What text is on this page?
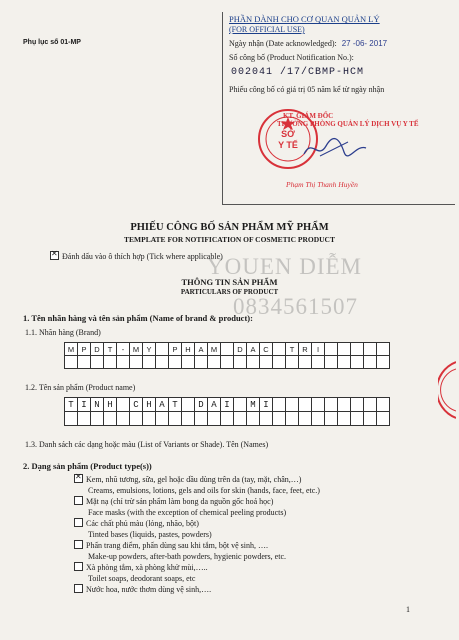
Phụ lục số 01-MP
PHẦN DÀNH CHO CƠ QUAN QUẢN LÝ
(FOR OFFICIAL USE)
Ngày nhận (Date acknowledged): 27 -06- 2017
Số công bố (Product Notification No.):
002041 /17/CBMP-HCM
Phiếu công bố có giá trị 05 năm kể từ ngày nhận
SỞ
Y TẾ
KT. GIÁM ĐỐC
TRƯỞNG PHÒNG QUẢN LÝ DỊCH VỤ Y TẾ
Phạm Thị Thanh Huyền
PHIẾU CÔNG BỐ SẢN PHẨM MỸ PHẨM
TEMPLATE FOR NOTIFICATION OF COSMETIC PRODUCT
✕Đánh dấu vào ô thích hợp (Tick where applicable)
YOUEN DIỄM
0834561507
THÔNG TIN SẢN PHẨM
PARTICULARS OF PRODUCT
1. Tên nhãn hàng và tên sản phẩm (Name of brand & product):
1.1. Nhãn hàng (Brand)
M P	D	T	-	M Y	P	H	A M	D	A	C	T	R	I
1.2. Tên sản phẩm (Product name)
T I N H	C H A T	D A I	M I
1.3. Danh sách các dạng hoặc màu (List of Variants or Shade). Tên (Names)
2. Dạng sản phẩm (Product type(s))
✕Kem, nhũ tương, sữa, gel hoặc dầu dùng trên da (tay, mặt, chân,…)
Creams, emulsions, lotions, gels and oils for skin (hands, face, feet, etc.)
Mặt nạ (chỉ trừ sản phẩm làm bong da nguồn gốc hoá học)
Face masks (with the exception of chemical peeling products)
Các chất phủ màu (lỏng, nhão, bột)
Tinted bases (liquids, pastes, powders)
Phấn trang điểm, phấn dùng sau khi tắm, bột vệ sinh, ….
Make-up powders, after-bath powders, hygienic powders, etc.
Xà phòng tắm, xà phòng khử mùi,…..
Toilet soaps, deodorant soaps, etc
Nước hoa, nước thơm dùng vệ sinh,….
1
